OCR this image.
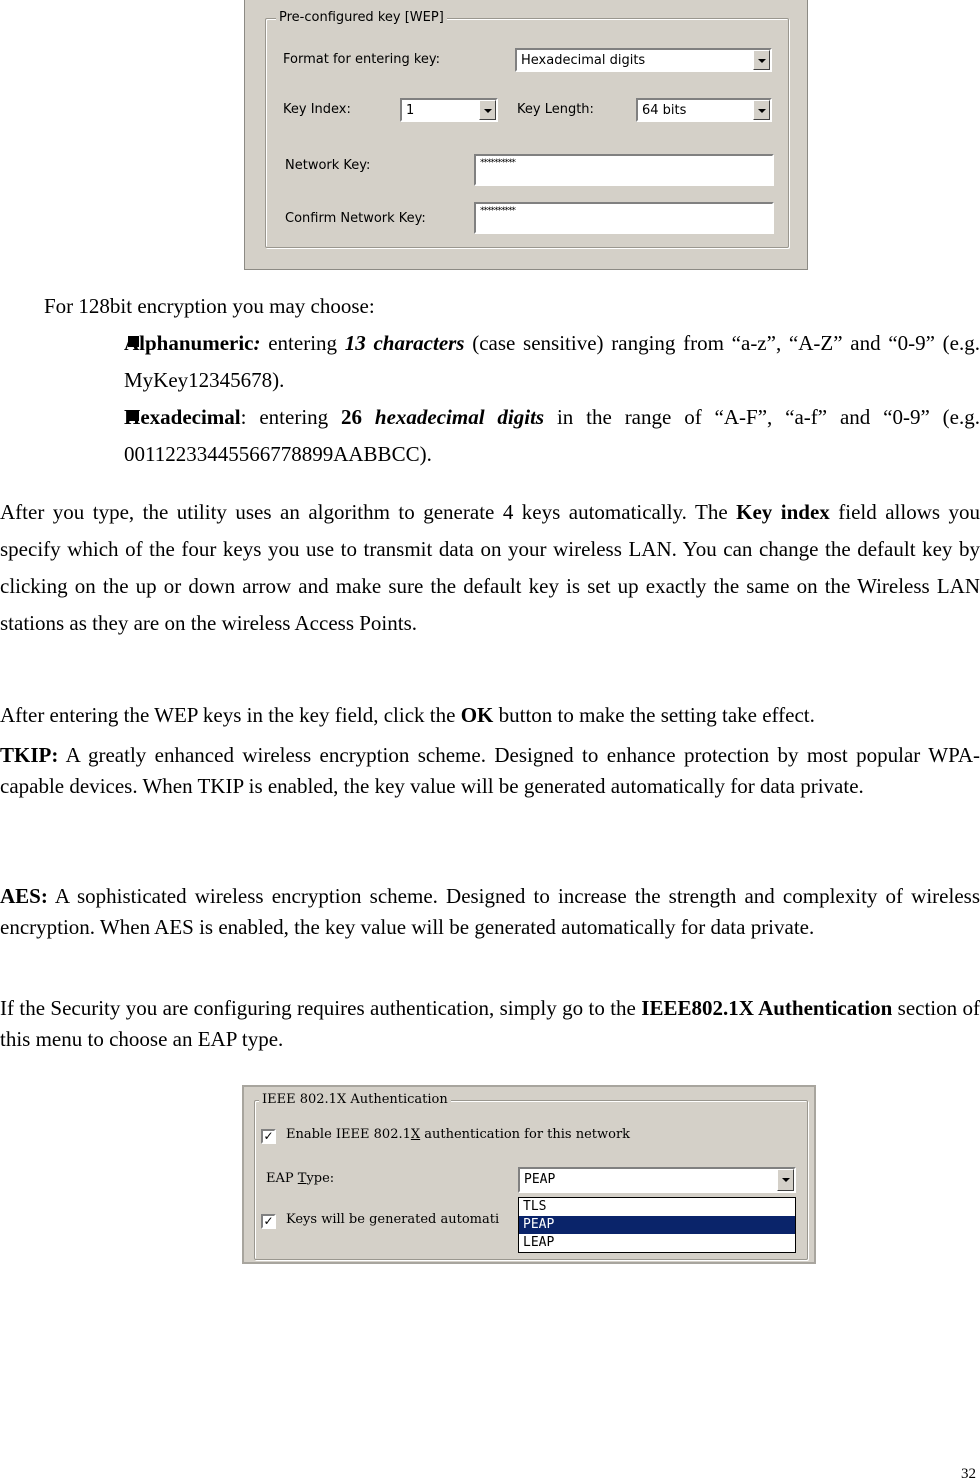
Pre-configured key [WEP]
Format for entering key:	Hexadecimal digits
Key Index:	1	Key Length:	64 bits
Network Key:	**********
Confirm Network Key:	**********
For 128bit encryption you may choose:
Alphanumeric: entering 13 characters (case sensitive) ranging from “a-z”, “A-Z” and “0-9” (e.g. MyKey12345678).
Hexadecimal: entering 26 hexadecimal digits in the range of “A-F”, “a-f” and “0-9” (e.g. 00112233445566778899AABBCC).
After you type, the utility uses an algorithm to generate 4 keys automatically. The Key index field allows you specify which of the four keys you use to transmit data on your wireless LAN. You can change the default key by clicking on the up or down arrow and make sure the default key is set up exactly the same on the Wireless LAN stations as they are on the wireless Access Points.
After entering the WEP keys in the key field, click the OK button to make the setting take effect.
TKIP: A greatly enhanced wireless encryption scheme. Designed to enhance protection by most popular WPA-capable devices. When TKIP is enabled, the key value will be generated automatically for data private.
AES: A sophisticated wireless encryption scheme. Designed to increase the strength and complexity of wireless encryption. When AES is enabled, the key value will be generated automatically for data private.
If the Security you are configuring requires authentication, simply go to the IEEE802.1X Authentication section of this menu to choose an EAP type.
IEEE 802.1X Authentication
✓ Enable IEEE 802.1X authentication for this network
EAP Type:	PEAP
✓ Keys will be generated automati
TLS
PEAP
LEAP
32
